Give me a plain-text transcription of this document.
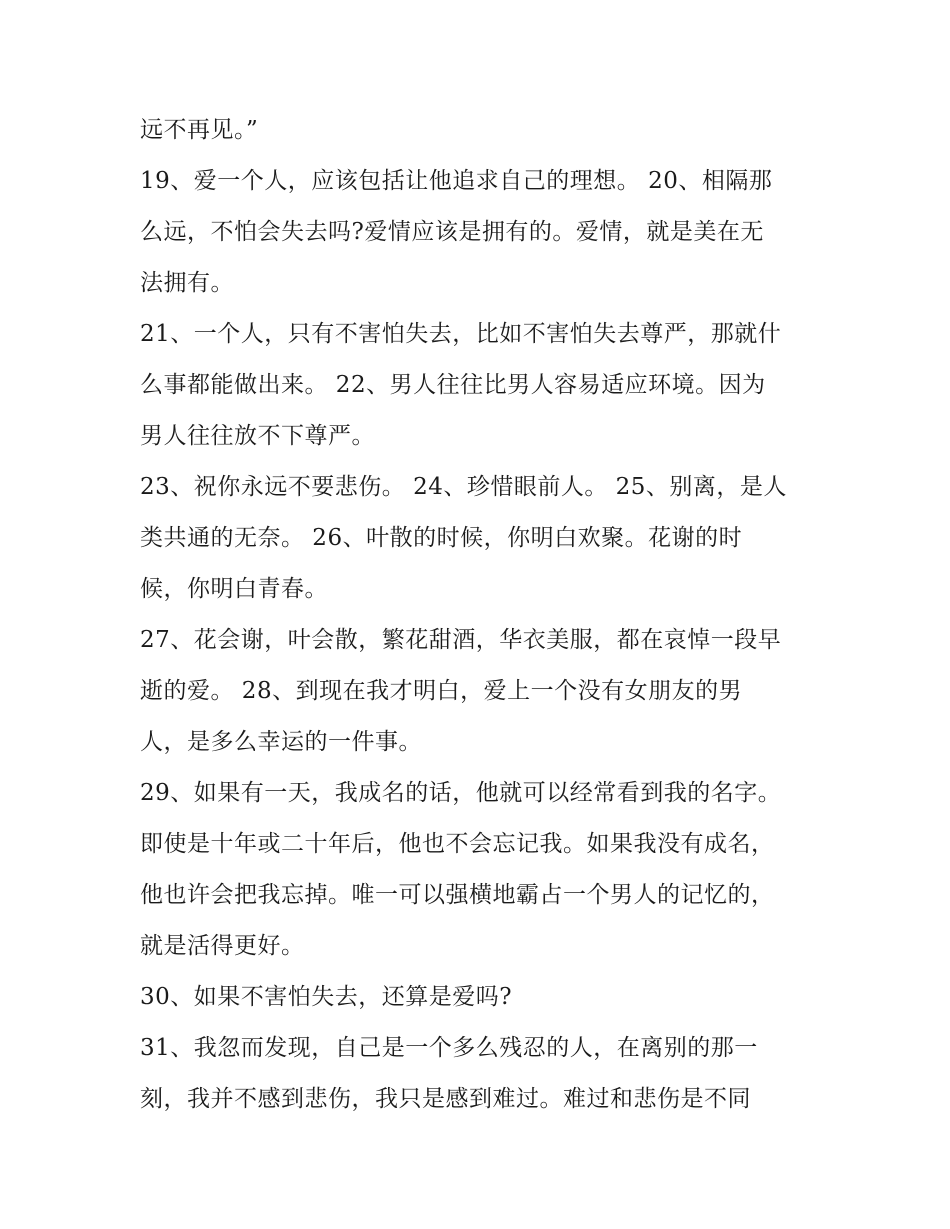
远不再见。”
19、爱一个人，应该包括让他追求自己的理想。 20、相隔那
么远，不怕会失去吗?爱情应该是拥有的。爱情，就是美在无
法拥有。
21、一个人，只有不害怕失去，比如不害怕失去尊严，那就什
么事都能做出来。 22、男人往往比男人容易适应环境。因为
男人往往放不下尊严。
23、祝你永远不要悲伤。 24、珍惜眼前人。 25、别离，是人
类共通的无奈。 26、叶散的时候，你明白欢聚。花谢的时
候，你明白青春。
27、花会谢，叶会散，繁花甜酒，华衣美服，都在哀悼一段早
逝的爱。 28、到现在我才明白，爱上一个没有女朋友的男
人，是多么幸运的一件事。
29、如果有一天，我成名的话，他就可以经常看到我的名字。
即使是十年或二十年后，他也不会忘记我。如果我没有成名，
他也许会把我忘掉。唯一可以强横地霸占一个男人的记忆的，
就是活得更好。
30、如果不害怕失去，还算是爱吗?
31、我忽而发现，自己是一个多么残忍的人，在离别的那一
刻，我并不感到悲伤，我只是感到难过。难过和悲伤是不同
